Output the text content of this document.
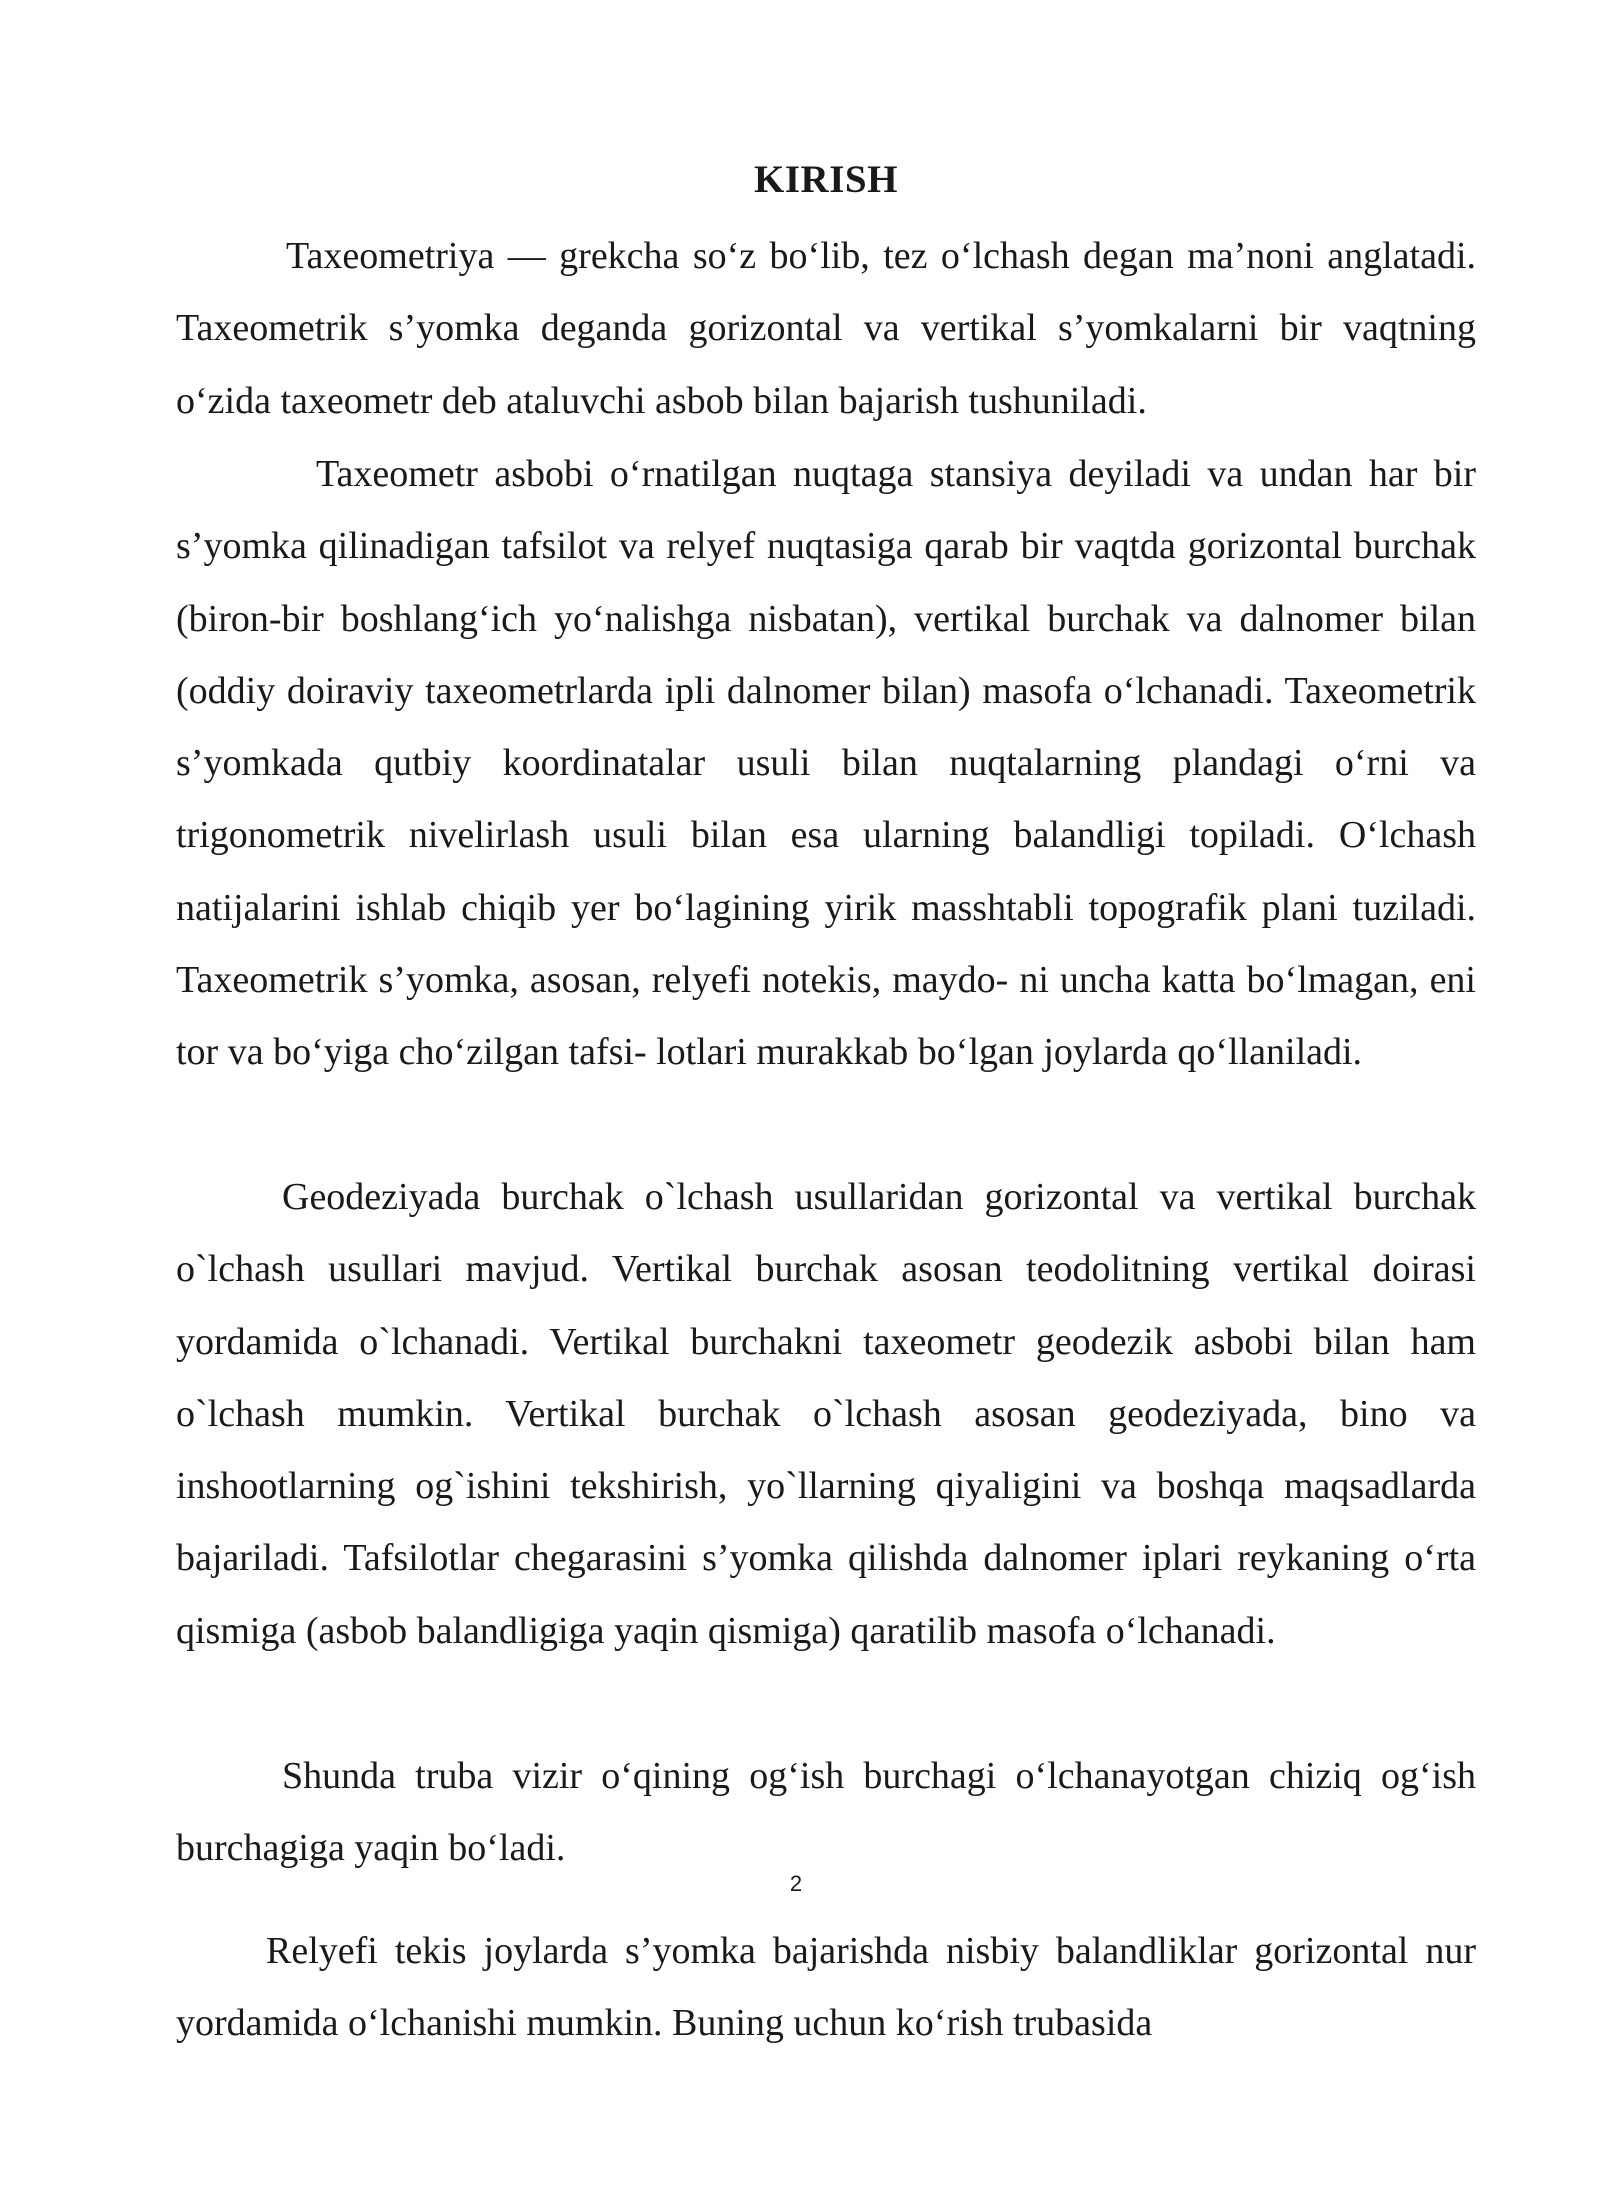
KIRISH

Taxeometriya — grekcha so‘z bo‘lib, tez o‘lchash degan ma’noni anglatadi. Taxeometrik s’yomka deganda gorizontal va vertikal s’yomkalarni bir vaqtning o‘zida taxeometr deb ataluvchi asbob bilan bajarish tushuniladi.

Taxeometr asbobi o‘rnatilgan nuqtaga stansiya deyiladi va undan har bir s’yomka qilinadigan tafsilot va relyef nuqtasiga qarab bir vaqtda gorizontal burchak (biron-bir boshlang‘ich yo‘nalishga nisbatan), vertikal burchak va dalnomer bilan (oddiy doiraviy taxeometrlarda ipli dalnomer bilan) masofa o‘lchanadi. Taxeometrik s’yomkada qutbiy koordinatalar usuli bilan nuqtalarning plandagi o‘rni va trigonometrik nivelirlash usuli bilan esa ularning balandligi topiladi. O‘lchash natijalarini ishlab chiqib yer bo‘lagining yirik masshtabli topografik plani tuziladi. Taxeometrik s’yomka, asosan, relyefi notekis, maydo- ni uncha katta bo‘lmagan, eni tor va bo‘yiga cho‘zilgan tafsi- lotlari murakkab bo‘lgan joylarda qo‘llaniladi.

Geodeziyada burchak o`lchash usullaridan gorizontal va vertikal burchak o`lchash usullari mavjud. Vertikal burchak asosan teodolitning vertikal doirasi yordamida o`lchanadi. Vertikal burchakni taxeometr geodezik asbobi bilan ham o`lchash mumkin. Vertikal burchak o`lchash asosan geodeziyada, bino va inshootlarning og`ishini tekshirish, yo`llarning qiyaligini va boshqa maqsadlarda bajariladi. Tafsilotlar chegarasini s’yomka qilishda dalnomer iplari reykaning o‘rta qismiga (asbob balandligiga yaqin qismiga) qaratilib masofa o‘lchanadi.

Shunda truba vizir o‘qining og‘ish burchagi o‘lchanayotgan chiziq og‘ish burchagiga yaqin bo‘ladi.

2

Relyefi tekis joylarda s’yomka bajarishda nisbiy balandliklar gorizontal nur yordamida o‘lchanishi mumkin. Buning uchun ko‘rish trubasida
